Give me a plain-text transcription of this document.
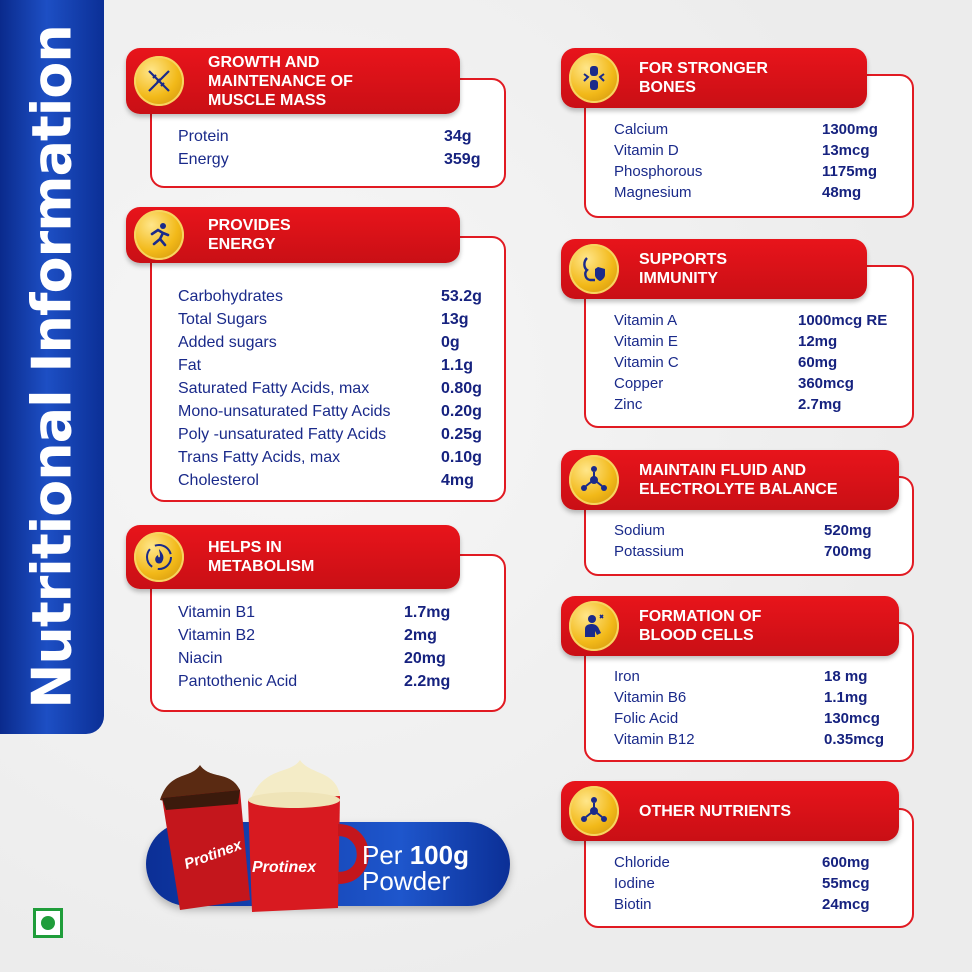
Nutritional Information	Protein	34g
Energy	359g
GROWTH AND
MAINTENANCE OF
MUSCLE MASS
Carbohydrates	53.2g
Total Sugars	13g
Added sugars	0g
Fat	1.1g
Saturated Fatty Acids, max	0.80g
Mono-unsaturated Fatty Acids	0.20g
Poly -unsaturated Fatty Acids	0.25g
Trans Fatty Acids, max	0.10g
Cholesterol	4mg
PROVIDES
ENERGY
Vitamin B1	1.7mg
Vitamin B2	2mg
Niacin	20mg
Pantothenic Acid	2.2mg
HELPS IN
METABOLISM
Calcium	1300mg
Vitamin D	13mcg
Phosphorous	1175mg
Magnesium	48mg
FOR STRONGER
BONES
Vitamin A	1000mcg RE
Vitamin E	12mg
Vitamin C	60mg
Copper	360mcg
Zinc	2.7mg
SUPPORTS
IMMUNITY
Sodium	520mg
Potassium	700mg
MAINTAIN FLUID AND
ELECTROLYTE BALANCE
Iron	18 mg
Vitamin B6	1.1mg
Folic Acid	130mcg
Vitamin B12	0.35mcg
FORMATION OF
BLOOD CELLS
Chloride	600mg
Iodine	55mcg
Biotin	24mcg
OTHER NUTRIENTS
Protinex Protinex Per 100g
Powder
